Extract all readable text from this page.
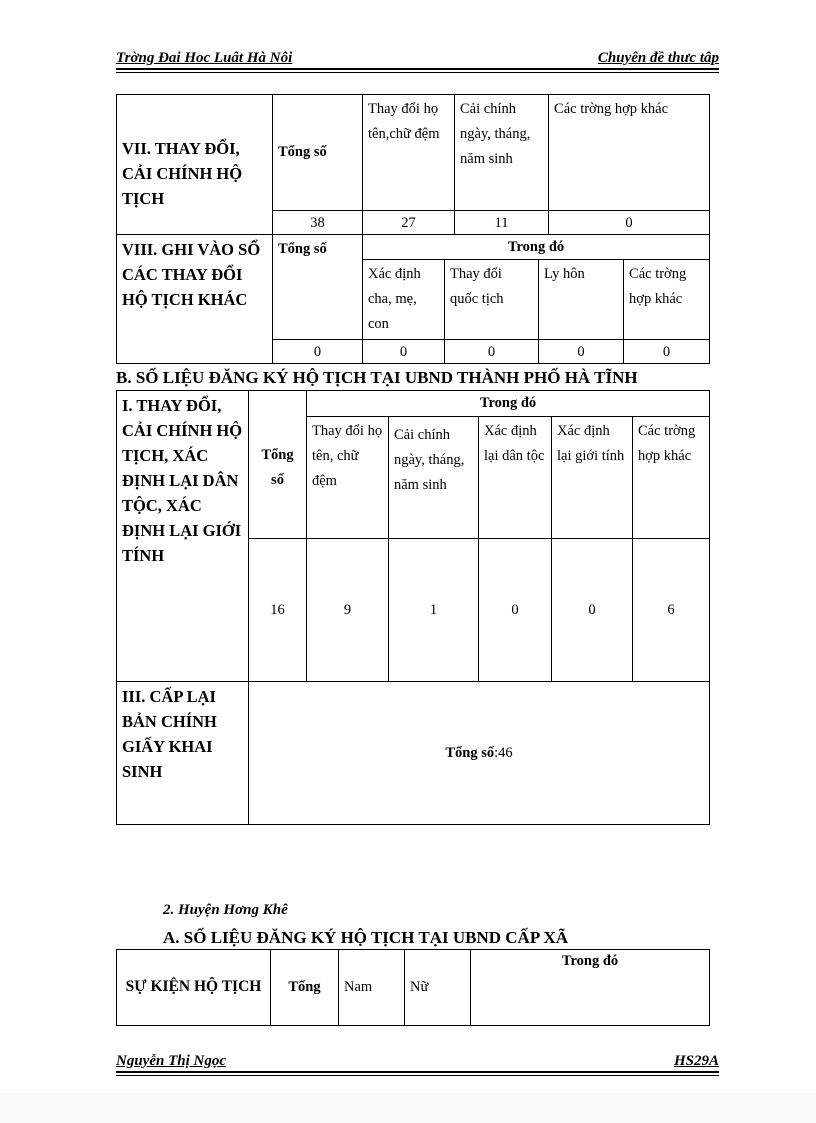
Trờng Đai Hoc Luât Hà Nôi	Chuyên đề thưc tâp
VII. THAY ĐỔI, CẢI CHÍNH HỘ TỊCH	Tổng số	Thay đổi họ tên,chữ đệm		Cải chính ngày, tháng, năm sinh		Các trờng hợp khác	
	38	27		11		0	
VIII. GHI VÀO SỔ CÁC THAY ĐỔI HỘ TỊCH KHÁC	Tổng số	Trong đó					
		Xác định cha, mẹ, con	Thay đổi quốc tịch		Ly hôn		Các trờng hợp khác
	0	0	0		0		0
B. SỐ LIỆU ĐĂNG KÝ HỘ TỊCH TẠI UBND THÀNH PHỐ HÀ TĨNH
I. THAY ĐỔI, CẢI CHÍNH HỘ TỊCH, XÁC ĐỊNH LẠI DÂN TỘC, XÁC ĐỊNH LẠI GIỚI TÍNH	Tổng số	Trong đó				
		Thay đổi họ tên, chữ đệm	Cải chính ngày, tháng, năm sinh	Xác định lại dân tộc	Xác định lại giới tính	Các trờng hợp khác
	16	9	1	0	0	6
III. CẤP LẠI BẢN CHÍNH GIẤY KHAI SINH	Tổng số:46					
2. Huyện Hơng Khê
A. SỐ LIỆU ĐĂNG KÝ HỘ TỊCH TẠI UBND CẤP XÃ
SỰ KIỆN HỘ TỊCH	Tổng	Nam	Nữ	Trong đó
Nguyễn Thị Ngọc	HS29A
